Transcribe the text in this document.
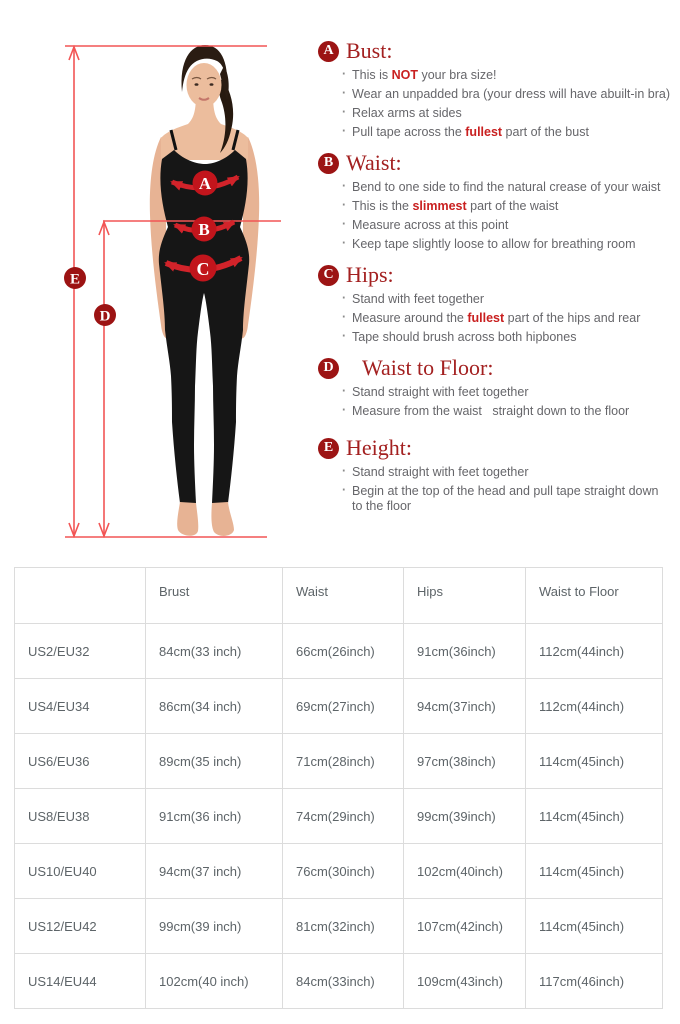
A
B
C
D
E
A Bust:
· This is NOT your bra size!
· Wear an unpadded bra (your dress will have abuilt-in bra)
· Relax arms at sides
· Pull tape across the fullest part of the bust
B Waist:
· Bend to one side to find the natural crease of your waist
· This is the slimmest part of the waist
· Measure across at this point
· Keep tape slightly loose to allow for breathing room
C Hips:
· Stand with feet together
· Measure around the fullest part of the hips and rear
· Tape should brush across both hipbones
D Waist to Floor:
· Stand straight with feet together
· Measure from the waist   straight down to the floor
E Height:
· Stand straight with feet together
· Begin at the top of the head and pull tape straight down
to the floor
	Brust	Waist	Hips	Waist to Floor
US2/EU32	84cm(33 inch)	66cm(26inch)	91cm(36inch)	112cm(44inch)
US4/EU34	86cm(34 inch)	69cm(27inch)	94cm(37inch)	112cm(44inch)
US6/EU36	89cm(35 inch)	71cm(28inch)	97cm(38inch)	114cm(45inch)
US8/EU38	91cm(36 inch)	74cm(29inch)	99cm(39inch)	114cm(45inch)
US10/EU40	94cm(37 inch)	76cm(30inch)	102cm(40inch)	114cm(45inch)
US12/EU42	99cm(39 inch)	81cm(32inch)	107cm(42inch)	114cm(45inch)
US14/EU44	102cm(40 inch)	84cm(33inch)	109cm(43inch)	117cm(46inch)
